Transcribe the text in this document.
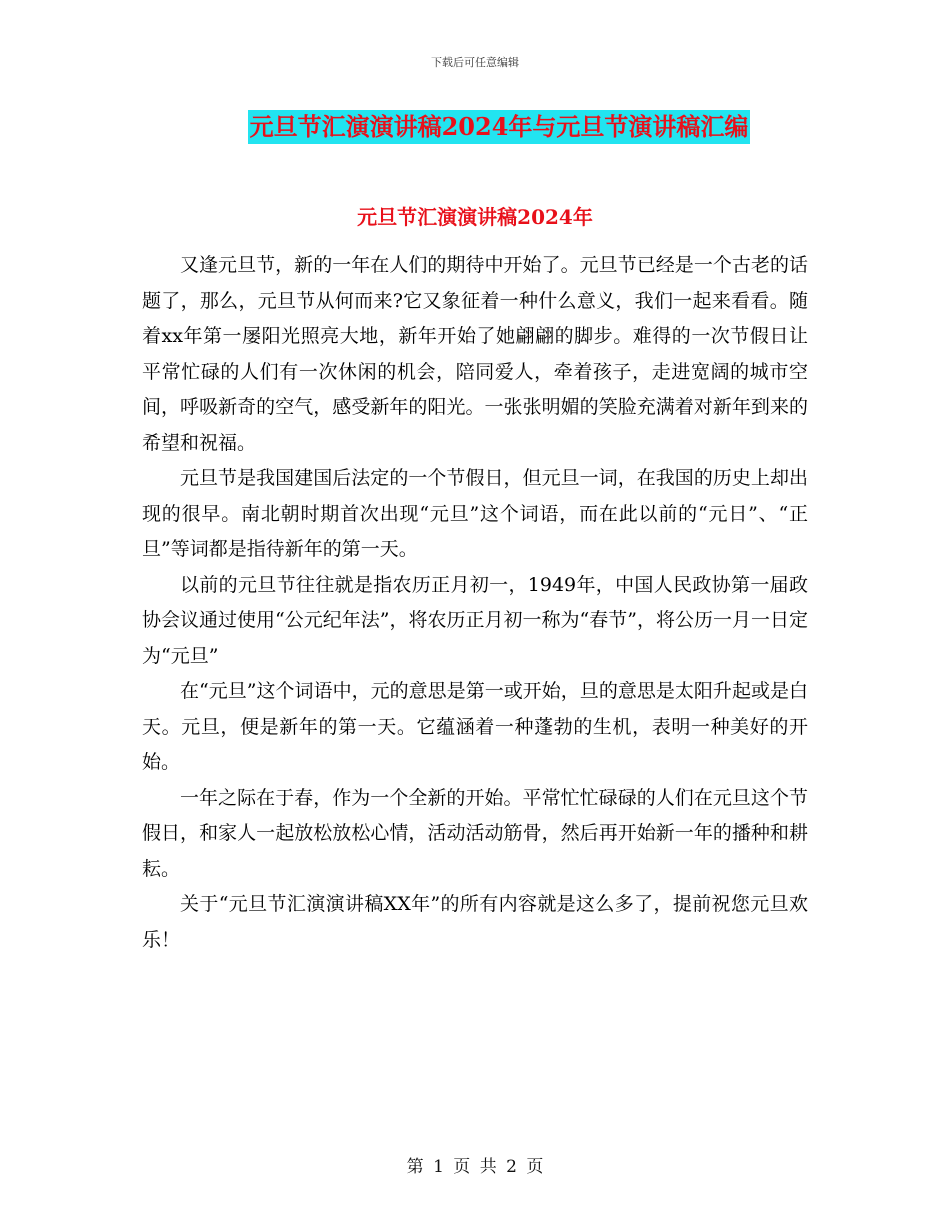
下载后可任意编辑
元旦节汇演演讲稿2024年与元旦节演讲稿汇编
元旦节汇演演讲稿2024年

又逢元旦节，新的一年在人们的期待中开始了。元旦节已经是一个古老的话题了，那么，元旦节从何而来?它又象征着一种什么意义，我们一起来看看。随着xx年第一屡阳光照亮大地，新年开始了她翩翩的脚步。难得的一次节假日让平常忙碌的人们有一次休闲的机会，陪同爱人，牵着孩子，走进宽阔的城市空间，呼吸新奇的空气，感受新年的阳光。一张张明媚的笑脸充满着对新年到来的希望和祝福。

元旦节是我国建国后法定的一个节假日，但元旦一词，在我国的历史上却出现的很早。南北朝时期首次出现“元旦”这个词语，而在此以前的“元日”、“正旦”等词都是指待新年的第一天。

以前的元旦节往往就是指农历正月初一，1949年，中国人民政协第一届政协会议通过使用“公元纪年法”，将农历正月初一称为“春节”，将公历一月一日定为“元旦”

在“元旦”这个词语中，元的意思是第一或开始，旦的意思是太阳升起或是白天。元旦，便是新年的第一天。它蕴涵着一种蓬勃的生机，表明一种美好的开始。

一年之际在于春，作为一个全新的开始。平常忙忙碌碌的人们在元旦这个节假日，和家人一起放松放松心情，活动活动筋骨，然后再开始新一年的播种和耕耘。

关于“元旦节汇演演讲稿XX年”的所有内容就是这么多了，提前祝您元旦欢乐！

第 1 页 共 2 页
